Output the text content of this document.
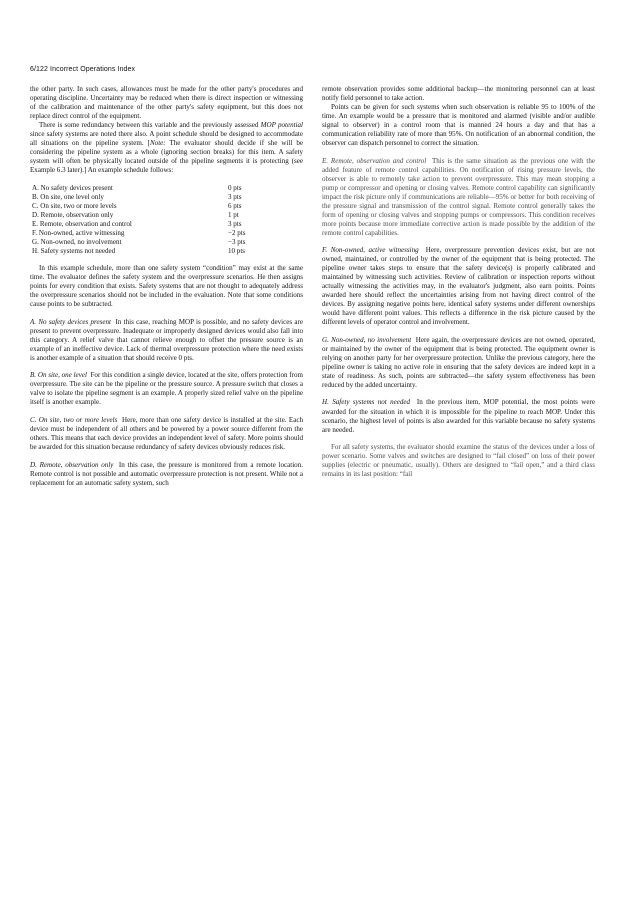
6/122 Incorrect Operations Index

the other party. In such cases, allowances must be made for the other party's procedures and operating discipline. Uncertainty may be reduced when there is direct inspection or witnessing of the calibration and maintenance of the other party's safety equipment, but this does not replace direct control of the equipment.

There is some redundancy between this variable and the previously assessed MOP potential since safety systems are noted there also. A point schedule should be designed to accommodate all situations on the pipeline system. [Note: The evaluator should decide if she will be considering the pipeline system as a whole (ignoring section breaks) for this item. A safety system will often be physically located outside of the pipeline segments it is protecting (see Example 6.3 later).] An example schedule follows:

A. No safety devices present	0 pts
B. On site, one level only	3 pts
C. On site, two or more levels	6 pts
D. Remote, observation only	1 pt
E. Remote, observation and control	3 pts
F. Non-owned, active witnessing	−2 pts
G. Non-owned, no involvement	−3 pts
H. Safety systems not needed	10 pts

In this example schedule, more than one safety system “condition” may exist at the same time. The evaluator defines the safety system and the overpressure scenarios. He then assigns points for every condition that exists. Safety systems that are not thought to adequately address the overpressure scenarios should not be included in the evaluation. Note that some conditions cause points to be subtracted.

A. No safety devices present In this case, reaching MOP is possible, and no safety devices are present to prevent overpressure. Inadequate or improperly designed devices would also fall into this category. A relief valve that cannot relieve enough to offset the pressure source is an example of an ineffective device. Lack of thermal overpressure protection where the need exists is another example of a situation that should receive 0 pts.

B. On site, one level For this condition a single device, located at the site, offers protection from overpressure. The site can be the pipeline or the pressure source. A pressure switch that closes a valve to isolate the pipeline segment is an example. A properly sized relief valve on the pipeline itself is another example.

C. On site, two or more levels Here, more than one safety device is installed at the site. Each device must be independent of all others and be powered by a power source different from the others. This means that each device provides an independent level of safety. More points should be awarded for this situation because redundancy of safety devices obviously reduces risk.

D. Remote, observation only In this case, the pressure is monitored from a remote location. Remote control is not possible and automatic overpressure protection is not present. While not a replacement for an automatic safety system, such

remote observation provides some additional backup—the monitoring personnel can at least notify field personnel to take action.

Points can be given for such systems when such observation is reliable 95 to 100% of the time. An example would be a pressure that is monitored and alarmed (visible and/or audible signal to observer) in a control room that is manned 24 hours a day and that has a communication reliability rate of more than 95%. On notification of an abnormal condition, the observer can dispatch personnel to correct the situation.

E. Remote, observation and control This is the same situation as the previous one with the added feature of remote control capabilities. On notification of rising pressure levels, the observer is able to remotely take action to prevent overpressure. This may mean stopping a pump or compressor and opening or closing valves. Remote control capability can significantly impact the risk picture only if communications are reliable—95% or better for both receiving of the pressure signal and transmission of the control signal. Remote control generally takes the form of opening or closing valves and stopping pumps or compressors. This condition receives more points because more immediate corrective action is made possible by the addition of the remote control capabilities.

F. Non-owned, active witnessing Here, overpressure prevention devices exist, but are not owned, maintained, or controlled by the owner of the equipment that is being protected. The pipeline owner takes steps to ensure that the safety device(s) is properly calibrated and maintained by witnessing such activities. Review of calibration or inspection reports without actually witnessing the activities may, in the evaluator's judgment, also earn points. Points awarded here should reflect the uncertainties arising from not having direct control of the devices. By assigning negative points here, identical safety systems under different ownerships would have different point values. This reflects a difference in the risk picture caused by the different levels of operator control and involvement.

G. Non-owned, no involvement Here again, the overpressure devices are not owned, operated, or maintained by the owner of the equipment that is being protected. The equipment owner is relying on another party for her overpressure protection. Unlike the previous category, here the pipeline owner is taking no active role in ensuring that the safety devices are indeed kept in a state of readiness. As such, points are subtracted—the safety system effectiveness has been reduced by the added uncertainty.

H. Safety systems not needed In the previous item, MOP potential, the most points were awarded for the situation in which it is impossible for the pipeline to reach MOP. Under this scenario, the highest level of points is also awarded for this variable because no safety systems are needed.

For all safety systems, the evaluator should examine the status of the devices under a loss of power scenario. Some valves and switches are designed to “fail closed” on loss of their power supplies (electric or pneumatic, usually). Others are designed to “fail open,” and a third class remains in its last position: “fail
